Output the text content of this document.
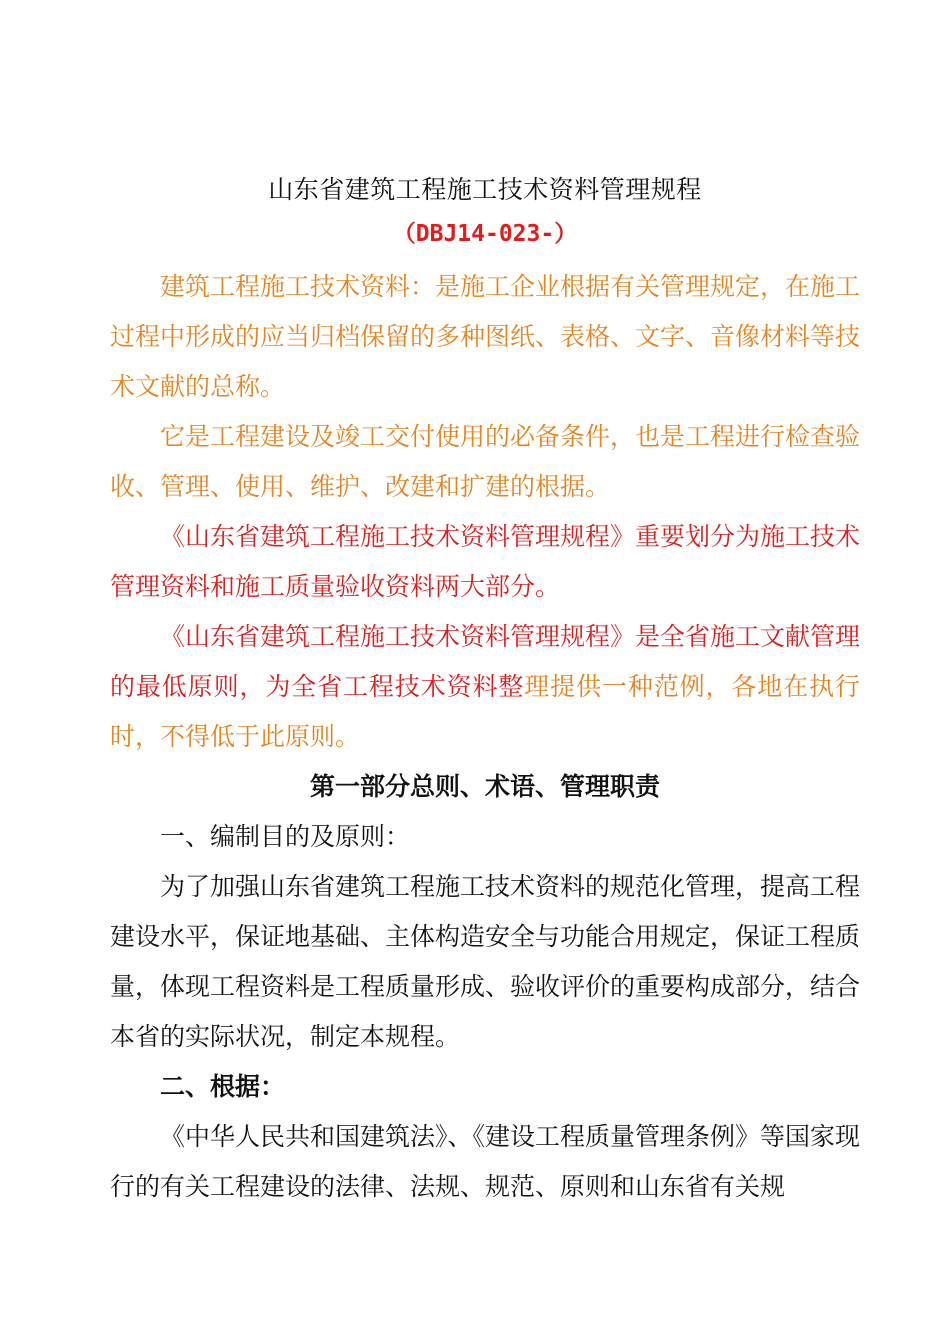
山东省建筑工程施工技术资料管理规程
（DBJ14-023-）

建筑工程施工技术资料：是施工企业根据有关管理规定，在施工过程中形成的应当归档保留的多种图纸、表格、文字、音像材料等技术文献的总称。

它是工程建设及竣工交付使用的必备条件，也是工程进行检查验收、管理、使用、维护、改建和扩建的根据。

《山东省建筑工程施工技术资料管理规程》重要划分为施工技术管理资料和施工质量验收资料两大部分。

《山东省建筑工程施工技术资料管理规程》是全省施工文献管理的最低原则，为全省工程技术资料整理提供一种范例，各地在执行时，不得低于此原则。

第一部分总则、术语、管理职责

一、编制目的及原则：

为了加强山东省建筑工程施工技术资料的规范化管理，提高工程建设水平，保证地基础、主体构造安全与功能合用规定，保证工程质量，体现工程资料是工程质量形成、验收评价的重要构成部分，结合本省的实际状况，制定本规程。

二、根据：

《中华人民共和国建筑法》、《建设工程质量管理条例》等国家现行的有关工程建设的法律、法规、规范、原则和山东省有关规
